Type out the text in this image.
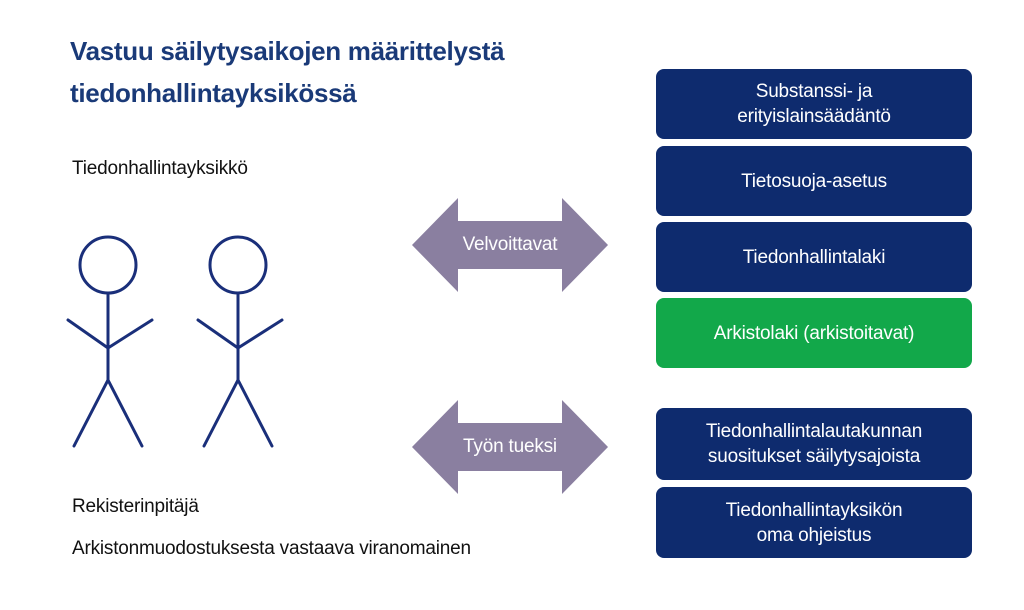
Vastuu säilytysaikojen määrittelystä
tiedonhallintayksikössä
Tiedonhallintayksikkö
Rekisterinpitäjä
Arkistonmuodostuksesta vastaava viranomainen
Velvoittavat
Työn tueksi
Substanssi- ja
erityislainsäädäntö
Tietosuoja-asetus
Tiedonhallintalaki
Arkistolaki (arkistoitavat)
Tiedonhallintalautakunnan
suositukset säilytysajoista
Tiedonhallintayksikön
oma ohjeistus
